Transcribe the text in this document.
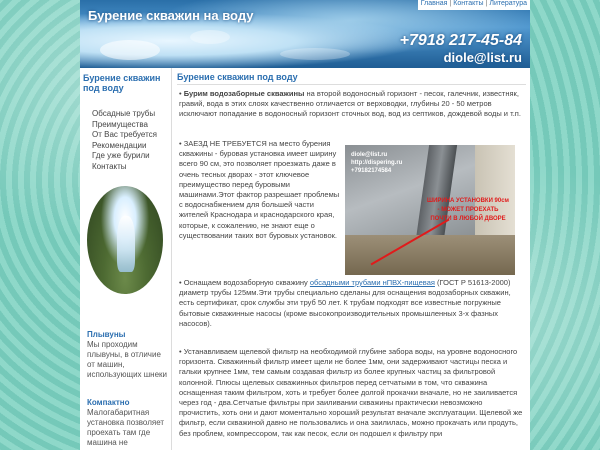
Бурение скважин на воду
+7918 217-45-84
diole@list.ru
Главная | Контакты | Литература
Бурение скважин под воду
Обсадные трубы
Преимущества
От Вас требуется
Рекомендации
Где уже бурили
Контакты
Плывуны
Мы проходим плывуны, в отличие от машин, использующих шнеки
Компактно
Малогабаритная установка позволяет проехать там где машина не
Бурение скважин под воду
• Бурим водозаборные скважины на второй водоносный горизонт - песок, галечник, известняк, гравий, вода в этих слоях качественно отличается от верховодки, глубины 20 - 50 метров исключают попадание в водоносный горизонт сточных вод, вод из септиков, дождевой воды и т.п.
• ЗАЕЗД НЕ ТРЕБУЕТСЯ на место бурения скважины - буровая установка имеет ширину всего 90 см, это позволяет проезжать даже в очень тесных дворах - этот ключевое преимущество перед буровыми машинами.Этот фактор разрешает проблемы с водоснабжением для большей части жителей Краснодара и краснодарского края, которые, к сожалению, не знают еще о существовании таких вот буровых установок.
diole@list.ru
http://dispering.ru
+79182174584
ШИРИНА УСТАНОВКИ 90см
- МОЖЕТ ПРОЕХАТЬ
ПОЧТИ В ЛЮБОЙ ДВОРЕ
• Оснащаем водозаборную скважину обсадными трубами нПВХ-пищевая (ГОСТ Р 51613-2000) диаметр трубы 125мм.Эти трубы специально сделаны для оснащения водозаборных скважин, есть сертификат, срок службы эти труб 50 лет. К трубам подходят все известные погружные бытовые скважинные насосы (кроме высокопроизводительных промышленных 3-х фазных насосов).
• Устанавливаем щелевой фильтр на необходимой глубине забора воды, на уровне водоносного горизонта. Скважинный фильтр имеет щели не более 1мм, они задерживают частицы песка и гальки крупнее 1мм, тем самым создавая фильтр из более крупных частиц за фильтровой колонной. Плюсы щелевых скважинных фильтров перед сетчатыми в том, что скважина оснащенная таким фильтром, хоть и требует более долгой прокачки вначале, но не заиливается через год - два.Сетчатые фильтры при заиливании скважины практически невозможно прочистить, хоть они и дают моментально хороший результат вначале эксплуатации. Щелевой же фильтр, если скважиной давно не пользовались и она заилилась, можно прокачать или продуть, без проблем, компрессором, так как песок, если он подошел к фильтру при
